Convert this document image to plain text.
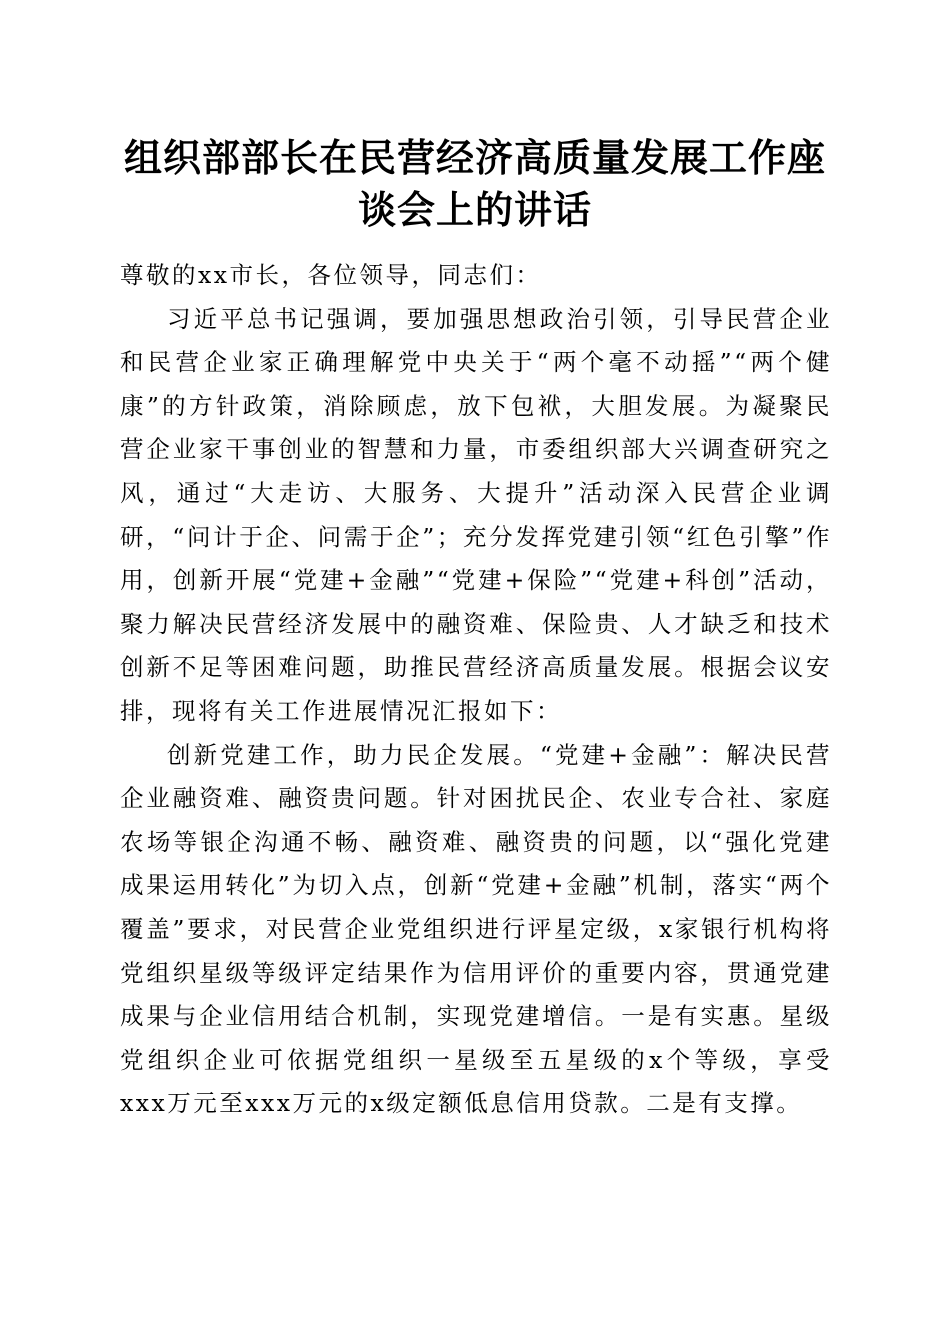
组织部部长在民营经济高质量发展工作座谈会上的讲话

尊敬的xx市长，各位领导，同志们：

习近平总书记强调，要加强思想政治引领，引导民营企业和民营企业家正确理解党中央关于“两个毫不动摇”“两个健康”的方针政策，消除顾虑，放下包袱，大胆发展。为凝聚民营企业家干事创业的智慧和力量，市委组织部大兴调查研究之风，通过“大走访、大服务、大提升”活动深入民营企业调研，“问计于企、问需于企”；充分发挥党建引领“红色引擎”作用，创新开展“党建+金融”“党建+保险”“党建+科创”活动，聚力解决民营经济发展中的融资难、保险贵、人才缺乏和技术创新不足等困难问题，助推民营经济高质量发展。根据会议安排，现将有关工作进展情况汇报如下：

创新党建工作，助力民企发展。“党建+金融”：解决民营企业融资难、融资贵问题。针对困扰民企、农业专合社、家庭农场等银企沟通不畅、融资难、融资贵的问题，以“强化党建成果运用转化”为切入点，创新“党建+金融”机制，落实“两个覆盖”要求，对民营企业党组织进行评星定级，x家银行机构将党组织星级等级评定结果作为信用评价的重要内容，贯通党建成果与企业信用结合机制，实现党建增信。一是有实惠。星级党组织企业可依据党组织一星级至五星级的x个等级，享受xxx万元至xxx万元的x级定额低息信用贷款。二是有支撑。
